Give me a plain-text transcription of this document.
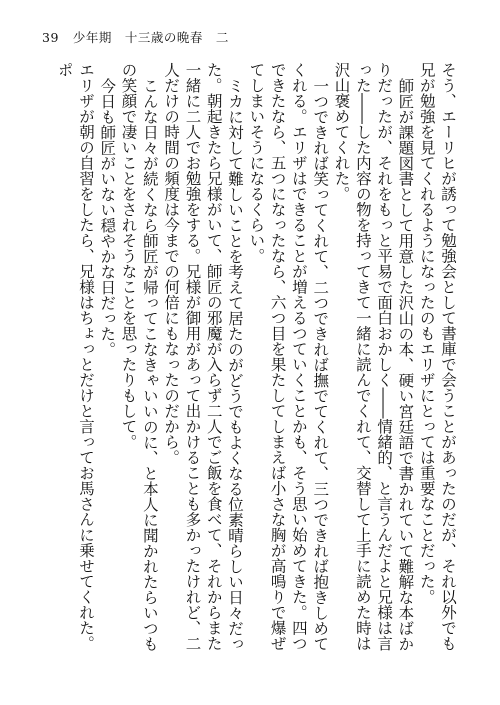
39 少年期　十三歳の晩春　二

そう、エーリヒが誘って勉強会として書庫で会うことがあったのだが、それ以外でも兄が勉強を見てくれるようになったのもエリザにとっては重要なことだった。

師匠が課題図書として用意した沢山の本、硬い宮廷語で書かれていて難解な本ばかりだったが、それをもっと平易で面白おかしく――情緒的、と言うんだよと兄様は言った――した内容の物を持ってきて一緒に読んでくれて、交替して上手に読めた時は沢山褒めてくれた。

一つできれば笑ってくれて、二つできれば撫でてくれて、三つできれば抱きしめてくれる。エリザはできることが増えるつていくことかも、そう思い始めてきた。四つできたなら、五つになったなら、六つ目を果たしてしまえば小さな胸が高鳴りで爆ぜてしまいそうになるくらい。

ミカに対して難しいことを考えて居たのがどうでもよくなる位素晴らしい日々だった。朝起きたら兄様がいて、師匠の邪魔が入らず二人でご飯を食べて、それからまた一緒に二人でお勉強をする。兄様が御用があって出かけることも多かったけれど、二人だけの時間の頻度は今までの何倍にもなったのだから。

こんな日々が続くなら師匠が帰ってこなきゃいいのに、と本人に聞かれたらいつもの笑顔で凄いことをされそうなことを思ったりもして。

今日も師匠がいない穏やかな日だった。

エリザが朝の自習をしたら、兄様はちょっとだけと言ってお馬さんに乗せてくれた。ポ
